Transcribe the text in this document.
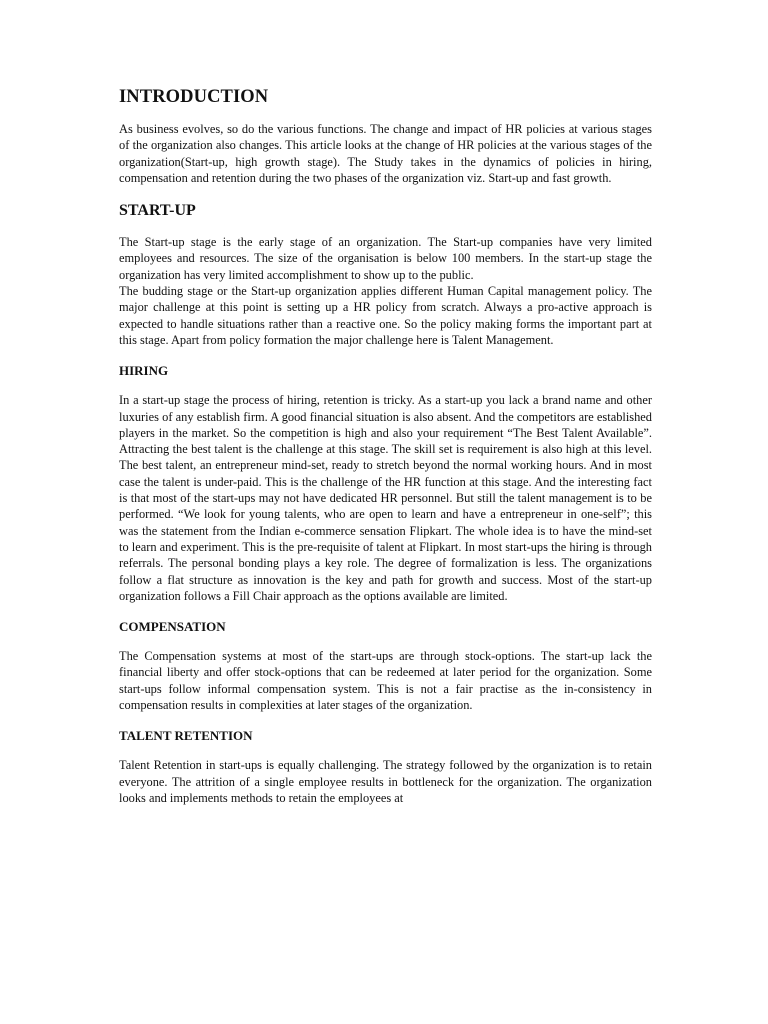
INTRODUCTION

As business evolves, so do the various functions. The change and impact of HR policies at various stages of the organization also changes. This article looks at the change of HR policies at the various stages of the organization(Start-up, high growth stage). The Study takes in the dynamics of policies in hiring, compensation and retention during the two phases of the organization viz. Start-up and fast growth.

START-UP

The Start-up stage is the early stage of an organization. The Start-up companies have very limited employees and resources. The size of the organisation is below 100 members. In the start-up stage the organization has very limited accomplishment to show up to the public.

The budding stage or the Start-up organization applies different Human Capital management policy. The major challenge at this point is setting up a HR policy from scratch. Always a pro-active approach is expected to handle situations rather than a reactive one. So the policy making forms the important part at this stage. Apart from policy formation the major challenge here is Talent Management.

HIRING

In a start-up stage the process of hiring, retention is tricky. As a start-up you lack a brand name and other luxuries of any establish firm. A good financial situation is also absent. And the competitors are established players in the market. So the competition is high and also your requirement “The Best Talent Available”. Attracting the best talent is the challenge at this stage. The skill set is requirement is also high at this level. The best talent, an entrepreneur mind-set, ready to stretch beyond the normal working hours. And in most case the talent is under-paid. This is the challenge of the HR function at this stage. And the interesting fact is that most of the start-ups may not have dedicated HR personnel. But still the talent management is to be performed. “We look for young talents, who are open to learn and have a entrepreneur in one-self”; this was the statement from the Indian e-commerce sensation Flipkart. The whole idea is to have the mind-set to learn and experiment. This is the pre-requisite of talent at Flipkart. In most start-ups the hiring is through referrals. The personal bonding plays a key role. The degree of formalization is less. The organizations follow a flat structure as innovation is the key and path for growth and success. Most of the start-up organization follows a Fill Chair approach as the options available are limited.

COMPENSATION

The Compensation systems at most of the start-ups are through stock-options. The start-up lack the financial liberty and offer stock-options that can be redeemed at later period for the organization. Some start-ups follow informal compensation system. This is not a fair practise as the in-consistency in compensation results in complexities at later stages of the organization.

TALENT RETENTION

Talent Retention in start-ups is equally challenging. The strategy followed by the organization is to retain everyone. The attrition of a single employee results in bottleneck for the organization. The organization looks and implements methods to retain the employees at
